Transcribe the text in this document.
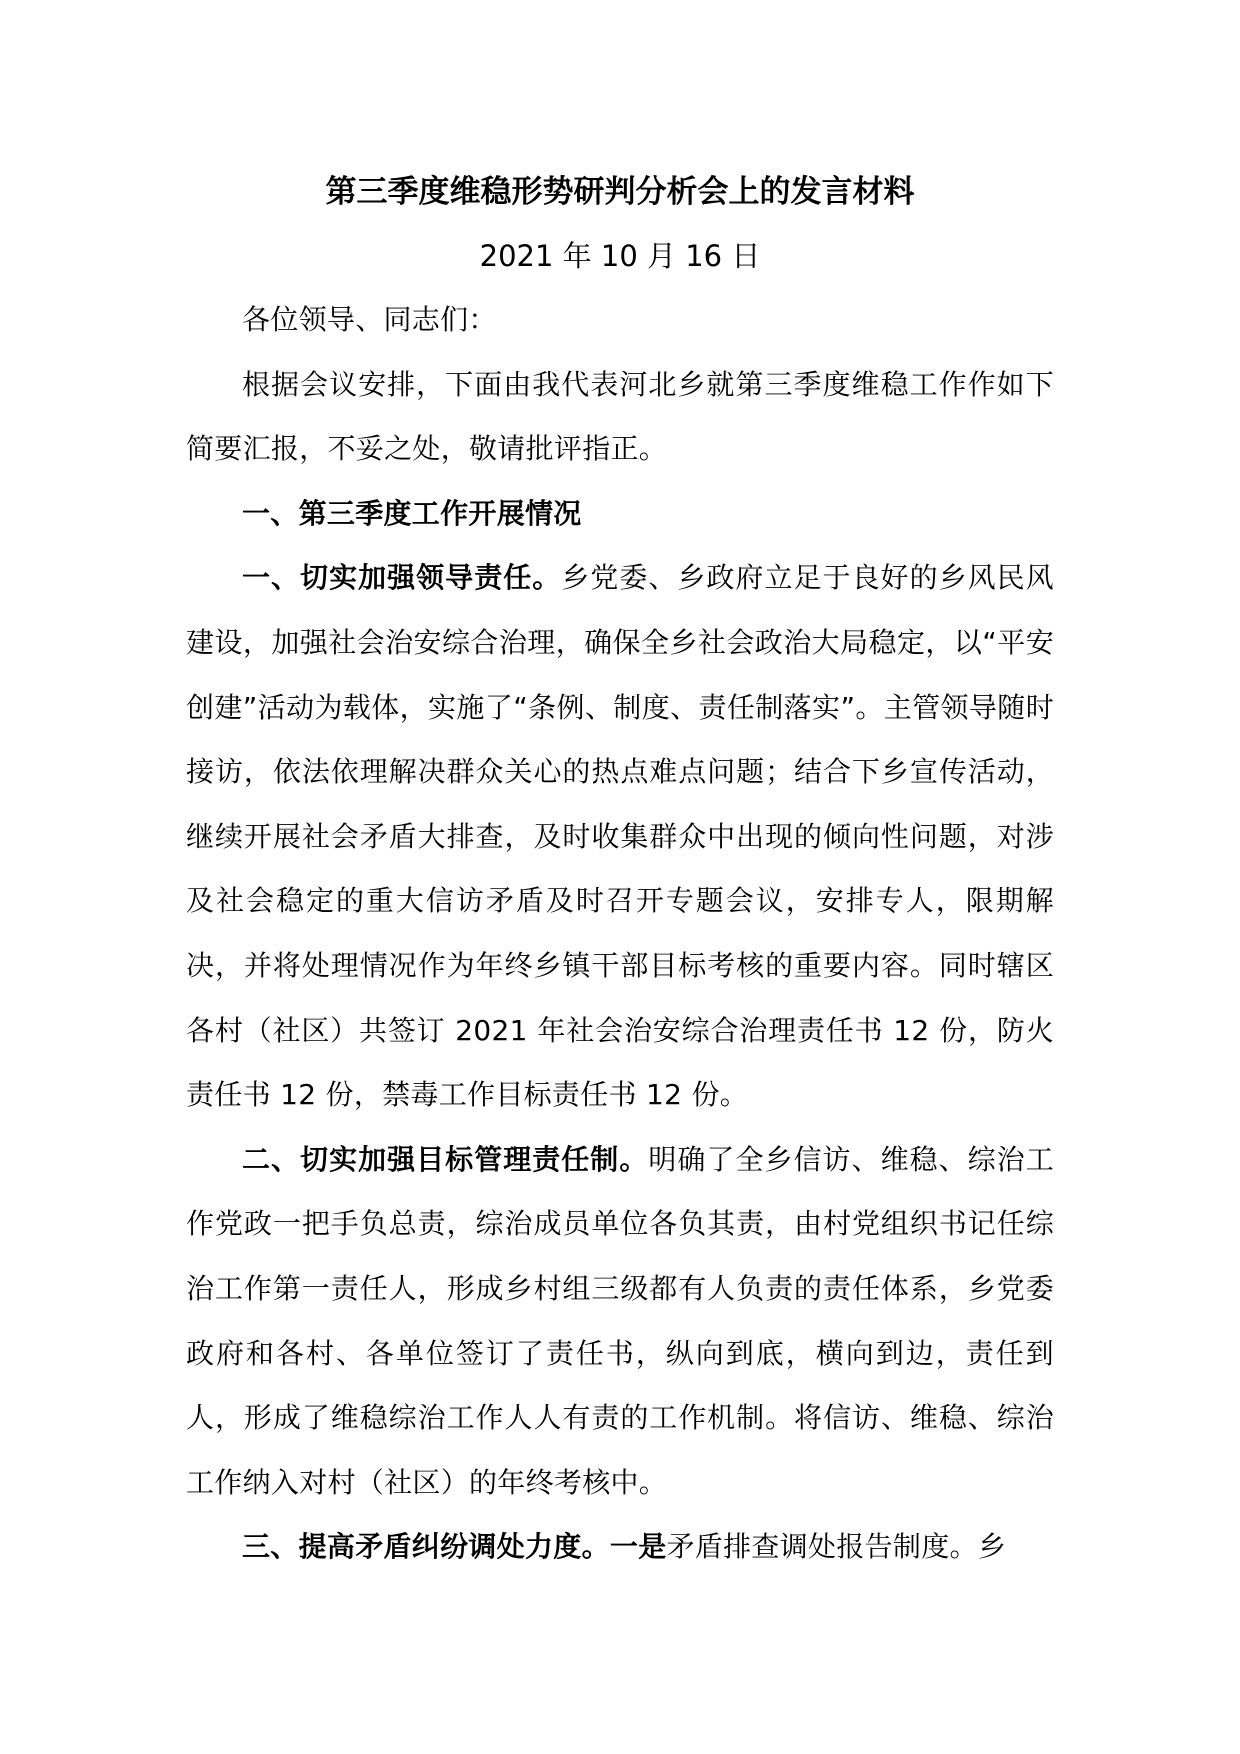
第三季度维稳形势研判分析会上的发言材料

2021 年 10 月 16 日

各位领导、同志们：

根据会议安排，下面由我代表河北乡就第三季度维稳工作作如下简要汇报，不妥之处，敬请批评指正。

一、第三季度工作开展情况

一、切实加强领导责任。乡党委、乡政府立足于良好的乡风民风建设，加强社会治安综合治理，确保全乡社会政治大局稳定，以“平安创建”活动为载体，实施了“条例、制度、责任制落实”。主管领导随时接访，依法依理解决群众关心的热点难点问题；结合下乡宣传活动，继续开展社会矛盾大排查，及时收集群众中出现的倾向性问题，对涉及社会稳定的重大信访矛盾及时召开专题会议，安排专人，限期解决，并将处理情况作为年终乡镇干部目标考核的重要内容。同时辖区各村（社区）共签订 2021 年社会治安综合治理责任书 12 份，防火责任书 12 份，禁毒工作目标责任书 12 份。

二、切实加强目标管理责任制。明确了全乡信访、维稳、综治工作党政一把手负总责，综治成员单位各负其责，由村党组织书记任综治工作第一责任人，形成乡村组三级都有人负责的责任体系，乡党委政府和各村、各单位签订了责任书，纵向到底，横向到边，责任到人，形成了维稳综治工作人人有责的工作机制。将信访、维稳、综治工作纳入对村（社区）的年终考核中。

三、提高矛盾纠纷调处力度。一是矛盾排查调处报告制度。乡
